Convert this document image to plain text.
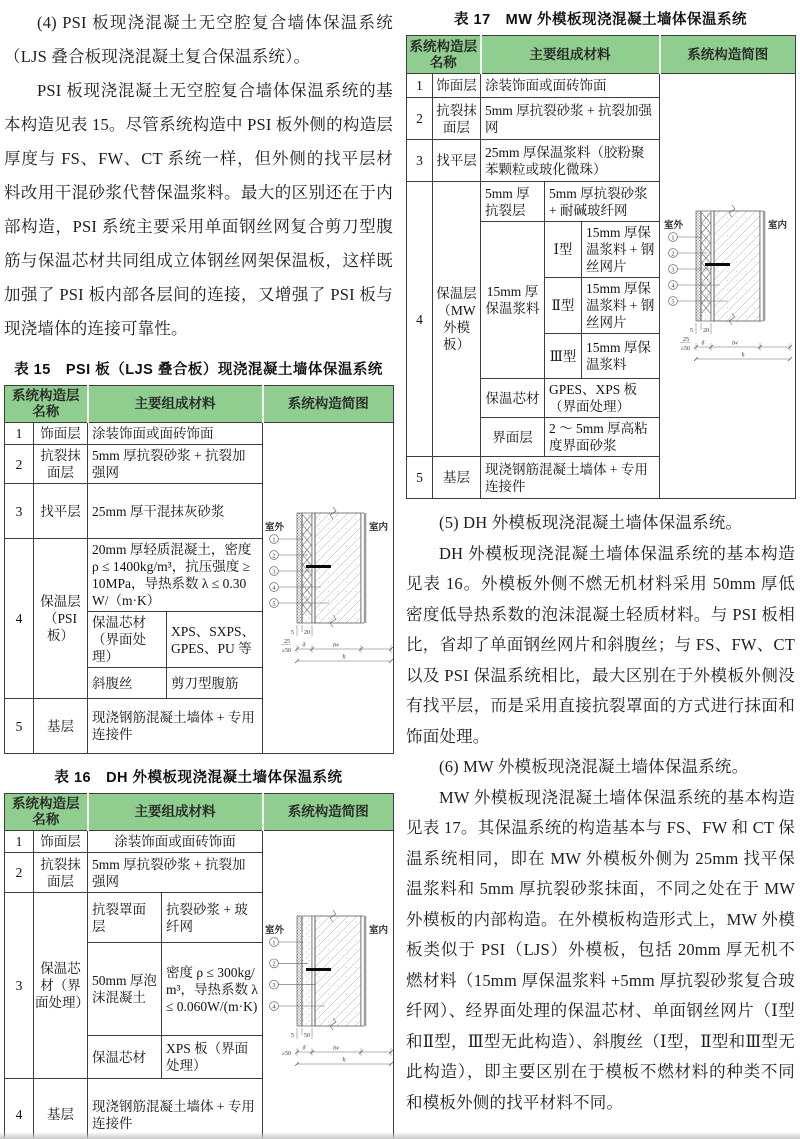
(4) PSI 板现浇混凝土无空腔复合墙体保温系统（LJS 叠合板现浇混凝土复合保温系统）。

PSI 板现浇混凝土无空腔复合墙体保温系统的基本构造见表 15。尽管系统构造中 PSI 板外侧的构造层厚度与 FS、FW、CT 系统一样，但外侧的找平层材料改用干混砂浆代替保温浆料。最大的区别还在于内部构造，PSI 系统主要采用单面钢丝网复合剪刀型腹筋与保温芯材共同组成立体钢丝网架保温板，这样既加强了 PSI 板内部各层间的连接，又增强了 PSI 板与现浇墙体的连接可靠性。

表 15　PSI 板（LJS 叠合板）现浇混凝土墙体保温系统
系统构造层名称		主要组成材料		系统构造简图
1	饰面层	涂装饰面或面砖饰面	
室外	室内
1
2
3
4
5
5 20
25
≥50
δ	tw
h

2	抗裂抹面层	5mm 厚抗裂砂浆 + 抗裂加强网		
3	找平层	25mm 厚干混抹灰砂浆		
4	保温层（PSI 板）	20mm 厚轻质混凝土，密度 ρ ≤ 1400kg/m³，抗压强度 ≥ 10MPa，导热系数 λ ≤ 0.30W/（m·K）		
		保温芯材（界面处理）	XPS、SXPS、GPES、PU 等	
		斜腹丝	剪刀型腹筋	
5	基层	现浇钢筋混凝土墙体 + 专用连接件		
表 16　DH 外模板现浇混凝土墙体保温系统
系统构造层名称		主要组成材料		系统构造简图
1	饰面层	涂装饰面或面砖饰面	
室外	室内
1
2
3
4
5 50
≥50
δ	tw
h

2	抗裂抹面层	5mm 厚抗裂砂浆 + 抗裂加强网		
3	保温芯材（界面处理）	抗裂罩面层	抗裂砂浆 + 玻纤网	
		50mm 厚泡沫混凝土	密度 ρ ≤ 300kg/m³，导热系数 λ ≤ 0.060W/(m·K)	
		保温芯材	XPS 板（界面处理）	
4	基层	现浇钢筋混凝土墙体 + 专用连接件		
表 17　MW 外模板现浇混凝土墙体保温系统
系统构造层名称		主要组成材料			系统构造简图
1	饰面层	涂装饰面或面砖饰面	
室外	室内
1
2
3
4
5
5 20
25
≥50
δ	tw
h

2	抗裂抹面层	5mm 厚抗裂砂浆 + 抗裂加强网			
3	找平层	25mm 厚保温浆料（胶粉聚苯颗粒或玻化微珠）			
4	保温层（MW 外模板）	5mm 厚抗裂层	5mm 厚抗裂砂浆 + 耐碱玻纤网		
		15mm 厚保温浆料	Ⅰ型	15mm 厚保温浆料 + 钢丝网片	
			Ⅱ型	15mm 厚保温浆料 + 钢丝网片	
			Ⅲ型	15mm 厚保温浆料	
		保温芯材	GPES、XPS 板（界面处理）		
		界面层	2 ～ 5mm 厚高粘度界面砂浆		
5	基层	现浇钢筋混凝土墙体 + 专用连接件			

(5) DH 外模板现浇混凝土墙体保温系统。

DH 外模板现浇混凝土墙体保温系统的基本构造见表 16。外模板外侧不燃无机材料采用 50mm 厚低密度低导热系数的泡沫混凝土轻质材料。与 PSI 板相比，省却了单面钢丝网片和斜腹丝；与 FS、FW、CT 以及 PSI 保温系统相比，最大区别在于外模板外侧没有找平层，而是采用直接抗裂罩面的方式进行抹面和饰面处理。

(6) MW 外模板现浇混凝土墙体保温系统。

MW 外模板现浇混凝土墙体保温系统的基本构造见表 17。其保温系统的构造基本与 FS、FW 和 CT 保温系统相同，即在 MW 外模板外侧为 25mm 找平保温浆料和 5mm 厚抗裂砂浆抹面，不同之处在于 MW 外模板的内部构造。在外模板构造形式上，MW 外模板类似于 PSI（LJS）外模板，包括 20mm 厚无机不燃材料（15mm 厚保温浆料 +5mm 厚抗裂砂浆复合玻纤网）、经界面处理的保温芯材、单面钢丝网片（Ⅰ型和Ⅱ型，Ⅲ型无此构造）、斜腹丝（Ⅰ型，Ⅱ型和Ⅲ型无此构造），即主要区别在于模板不燃材料的种类不同和模板外侧的找平材料不同。
